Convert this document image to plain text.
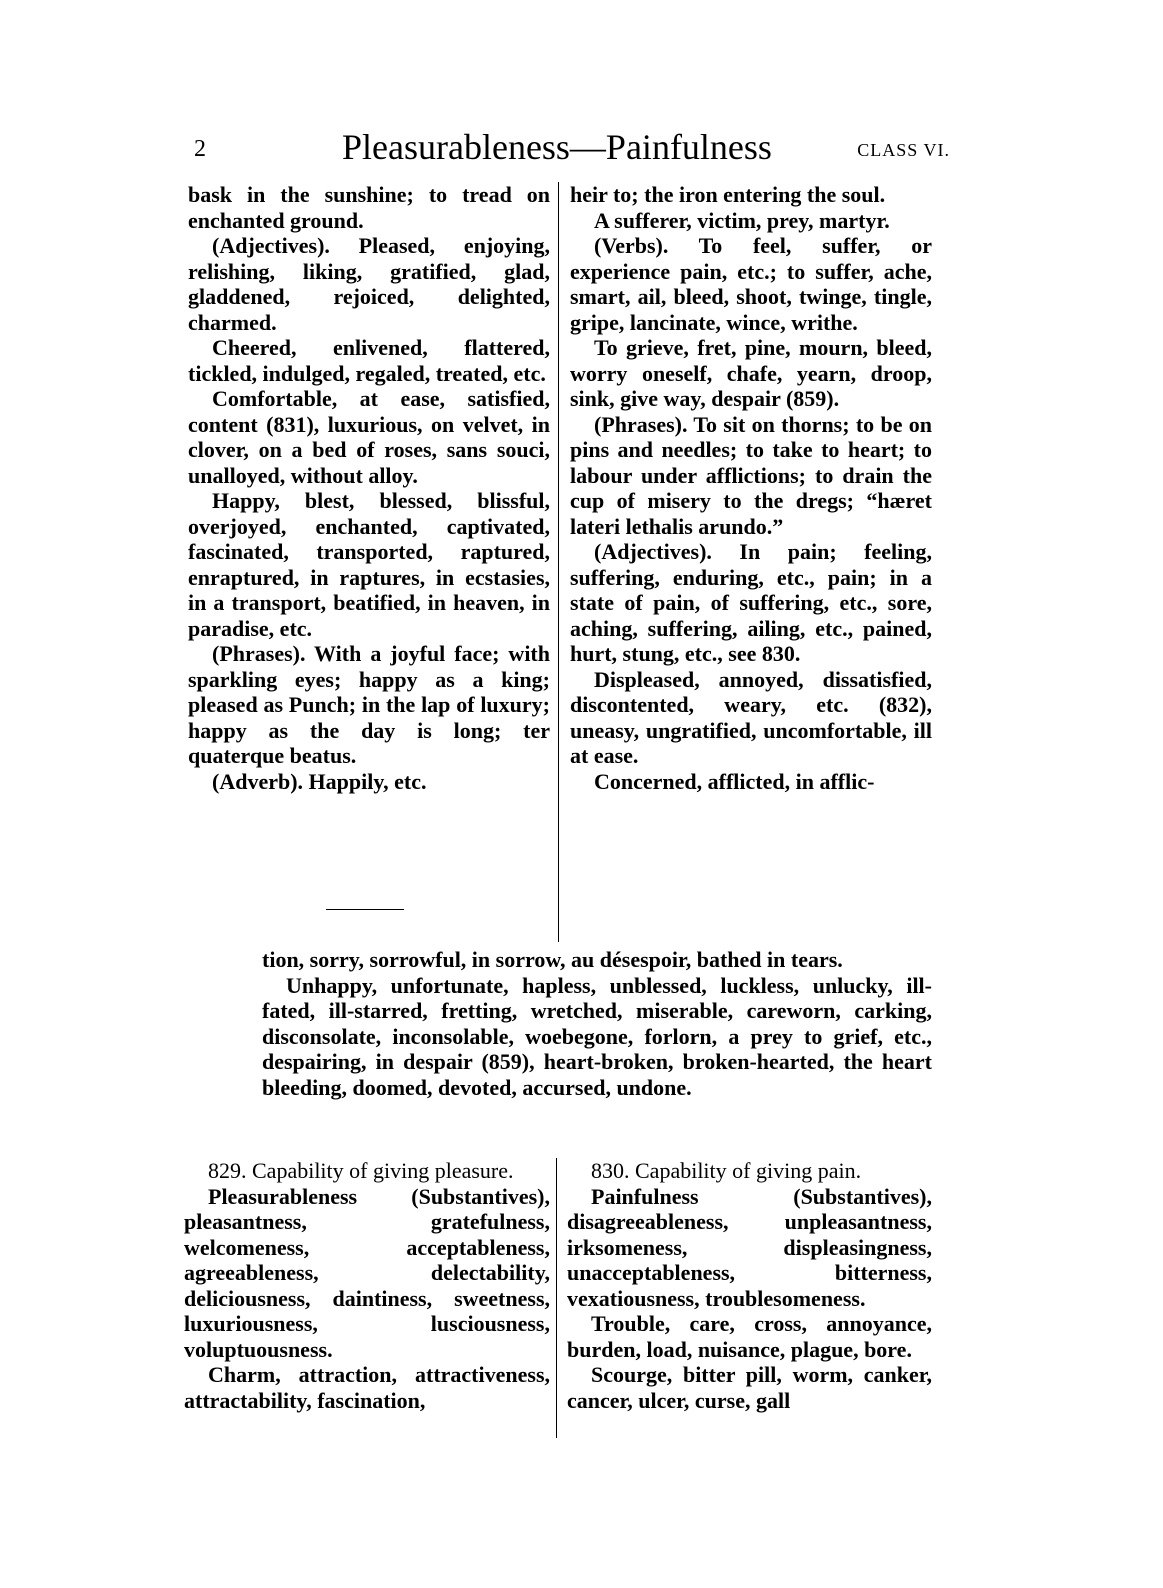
2	Pleasurableness—Painfulness	CLASS VI.

bask in the sunshine; to tread on enchanted ground.

(Adjectives). Pleased, enjoying, relishing, liking, gratified, glad, gladdened, rejoiced, delighted, charmed.

Cheered, enlivened, flattered, tickled, indulged, regaled, treated, etc.

Comfortable, at ease, satisfied, content (831), luxurious, on velvet, in clover, on a bed of roses, sans souci, unalloyed, without alloy.

Happy, blest, blessed, blissful, overjoyed, enchanted, captivated, fascinated, transported, raptured, enraptured, in raptures, in ecstasies, in a transport, beatified, in heaven, in paradise, etc.

(Phrases). With a joyful face; with sparkling eyes; happy as a king; pleased as Punch; in the lap of luxury; happy as the day is long; ter quaterque beatus.

(Adverb). Happily, etc.

heir to; the iron entering the soul.

A sufferer, victim, prey, martyr.

(Verbs). To feel, suffer, or experience pain, etc.; to suffer, ache, smart, ail, bleed, shoot, twinge, tingle, gripe, lancinate, wince, writhe.

To grieve, fret, pine, mourn, bleed, worry oneself, chafe, yearn, droop, sink, give way, despair (859).

(Phrases). To sit on thorns; to be on pins and needles; to take to heart; to labour under afflictions; to drain the cup of misery to the dregs; “hæret lateri lethalis arundo.”

(Adjectives). In pain; feeling, suffering, enduring, etc., pain; in a state of pain, of suffering, etc., sore, aching, suffering, ailing, etc., pained, hurt, stung, etc., see 830.

Displeased, annoyed, dissatisfied, discontented, weary, etc. (832), uneasy, ungratified, uncomfortable, ill at ease.

Concerned, afflicted, in afflic-

tion, sorry, sorrowful, in sorrow, au désespoir, bathed in tears.

Unhappy, unfortunate, hapless, unblessed, luckless, unlucky, ill-fated, ill-starred, fretting, wretched, miserable, careworn, carking, disconsolate, inconsolable, woebegone, forlorn, a prey to grief, etc., despairing, in despair (859), heart-broken, broken-hearted, the heart bleeding, doomed, devoted, accursed, undone.

829. Capability of giving pleasure.

Pleasurableness (Substantives), pleasantness, gratefulness, welcomeness, acceptableness, agreeableness, delectability, deliciousness, daintiness, sweetness, luxuriousness, lusciousness, voluptuousness.

Charm, attraction, attractiveness, attractability, fascination,

830. Capability of giving pain.

Painfulness (Substantives), disagreeableness, unpleasantness, irksomeness, displeasingness, unacceptableness, bitterness, vexatiousness, troublesomeness.

Trouble, care, cross, annoyance, burden, load, nuisance, plague, bore.

Scourge, bitter pill, worm, canker, cancer, ulcer, curse, gall
